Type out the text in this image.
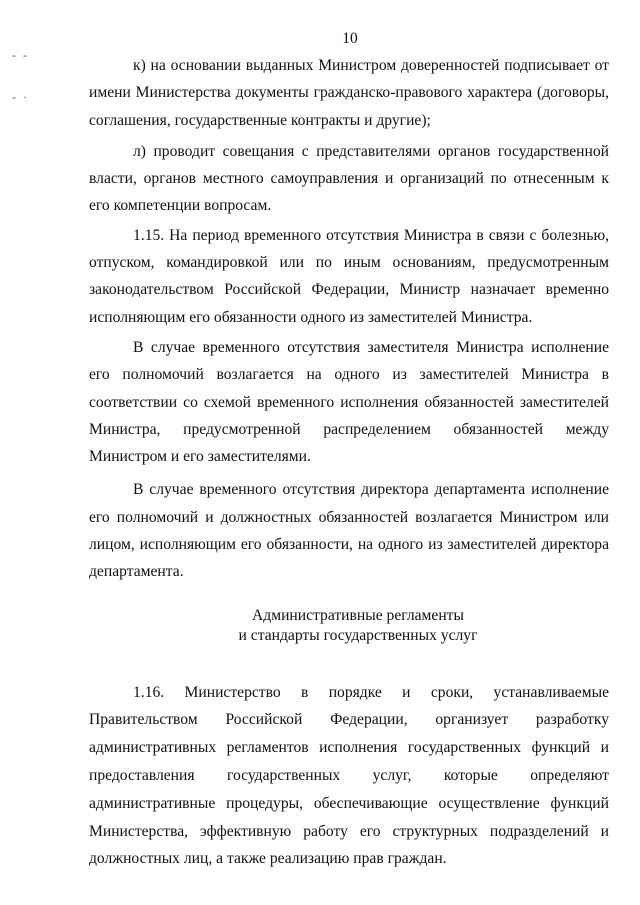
10
- -
- ·

к) на основании выданных Министром доверенностей подписывает от имени Министерства документы гражданско-правового характера (договоры, соглашения, государственные контракты и другие);

л) проводит совещания с представителями органов государственной власти, органов местного самоуправления и организаций по отнесенным к его компетенции вопросам.

1.15. На период временного отсутствия Министра в связи с болезнью, отпуском, командировкой или по иным основаниям, предусмотренным законодательством Российской Федерации, Министр назначает временно исполняющим его обязанности одного из заместителей Министра.

В случае временного отсутствия заместителя Министра исполнение его полномочий возлагается на одного из заместителей Министра в соответствии со схемой временного исполнения обязанностей заместителей Министра, предусмотренной распределением обязанностей между Министром и его заместителями.

В случае временного отсутствия директора департамента исполнение его полномочий и должностных обязанностей возлагается Министром или лицом, исполняющим его обязанности, на одного из заместителей директора департамента.

Административные регламенты
и стандарты государственных услуг

1.16. Министерство в порядке и сроки, устанавливаемые Правительством Российской Федерации, организует разработку административных регламентов исполнения государственных функций и предоставления государственных услуг, которые определяют административные процедуры, обеспечивающие осуществление функций Министерства, эффективную работу его структурных подразделений и должностных лиц, а также реализацию прав граждан.
